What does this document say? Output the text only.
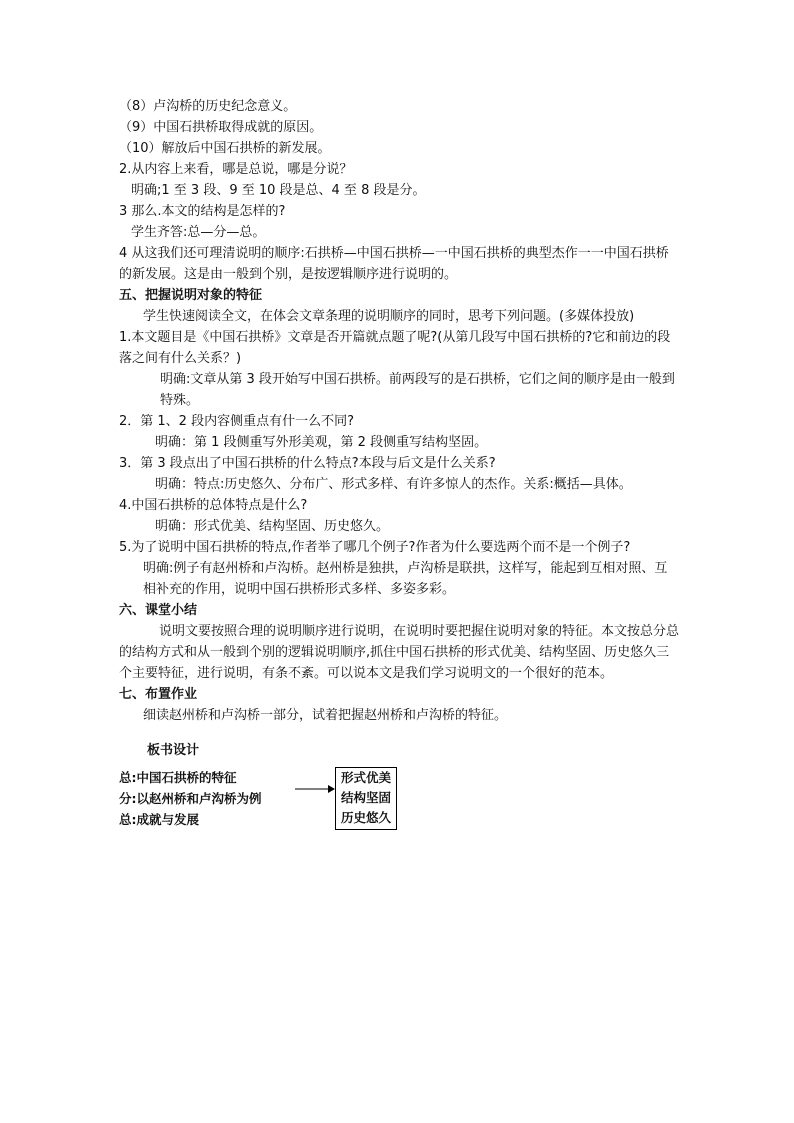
（8）卢沟桥的历史纪念意义。
（9）中国石拱桥取得成就的原因。
（10）解放后中国石拱桥的新发展。
2.从内容上来看，哪是总说，哪是分说？
明确;1 至 3 段、9 至 10 段是总、4 至 8 段是分。
3 那么.本文的结构是怎样的?
学生齐答:总—分—总。
4 从这我们还可理清说明的顺序:石拱桥—中国石拱桥—一中国石拱桥的典型杰作一一中国石拱桥的新发展。这是由一般到个别，是按逻辑顺序进行说明的。
五、把握说明对象的特征
学生快速阅读全文，在体会文章条理的说明顺序的同时，思考下列问题。(多媒体投放)
1.本文题目是《中国石拱桥》文章是否开篇就点题了呢?(从第几段写中国石拱桥的?它和前边的段落之间有什么关系？)
明确:文章从第 3 段开始写中国石拱桥。前两段写的是石拱桥，它们之间的顺序是由一般到特殊。
2．第 1、2 段内容侧重点有什一么不同?
明确：第 1 段侧重写外形美观，第 2 段侧重写结构坚固。
3．第 3 段点出了中国石拱桥的什么特点?本段与后文是什么关系?
明确：特点:历史悠久、分布广、形式多样、有许多惊人的杰作。关系:概括—具体。
4.中国石拱桥的总体特点是什么?
明确：形式优美、结构坚固、历史悠久。
5.为了说明中国石拱桥的特点,作者举了哪几个例子?作者为什么要选两个而不是一个例子?
明确:例子有赵州桥和卢沟桥。赵州桥是独拱，卢沟桥是联拱，这样写，能起到互相对照、互相补充的作用，说明中国石拱桥形式多样、多姿多彩。
六、课堂小结
说明文要按照合理的说明顺序进行说明，在说明时要把握住说明对象的特征。本文按总分总的结构方式和从一般到个别的逻辑说明顺序,抓住中国石拱桥的形式优美、结构坚固、历史悠久三个主要特征，进行说明，有条不紊。可以说本文是我们学习说明文的一个很好的范本。
七、布置作业
细读赵州桥和卢沟桥一部分，试着把握赵州桥和卢沟桥的特征。
板书设计
总:中国石拱桥的特征
分:以赵州桥和卢沟桥为例
总:成就与发展
形式优美
结构坚固
历史悠久
